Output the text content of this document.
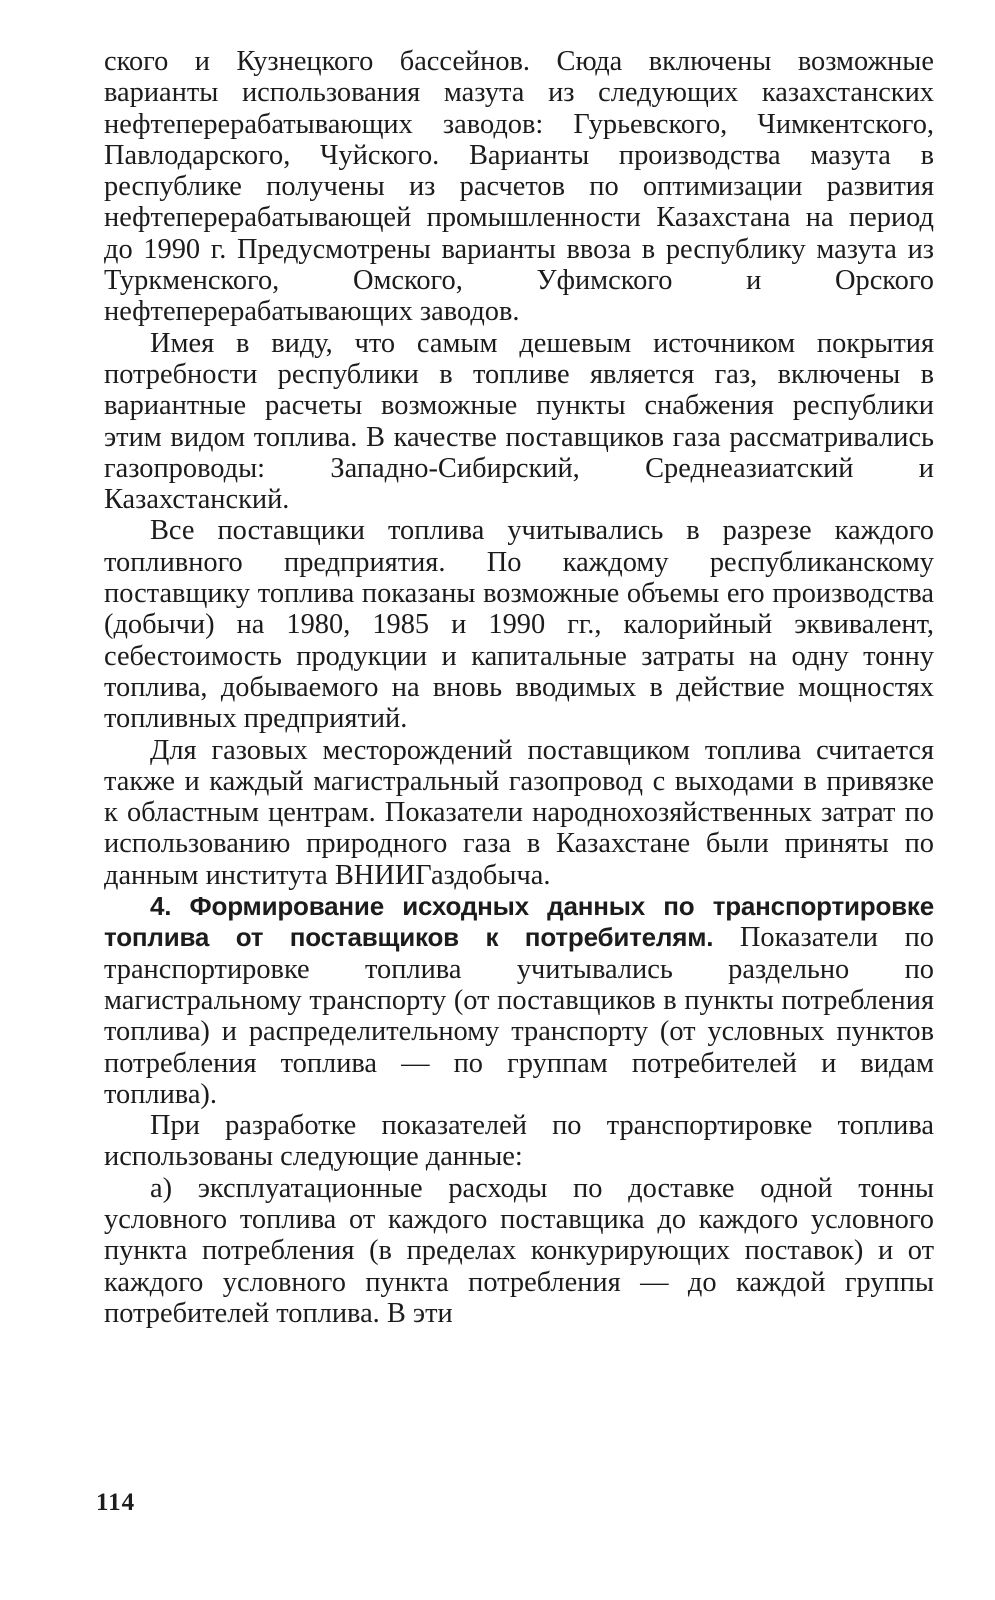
ского и Кузнецкого бассейнов. Сюда включены возможные варианты использования мазута из следующих казахстанских нефтеперерабатывающих заводов: Гурьевского, Чимкентского, Павлодарского, Чуйского. Варианты производства мазута в республике получены из расчетов по оптимизации развития нефтеперерабатывающей промышленности Казахстана на период до 1990 г. Предусмотрены варианты ввоза в республику мазута из Туркменского, Омского, Уфимского и Орского нефтеперерабатывающих заводов.

Имея в виду, что самым дешевым источником покрытия потребности республики в топливе является газ, включены в вариантные расчеты возможные пункты снабжения республики этим видом топлива. В качестве поставщиков газа рассматривались газопроводы: Западно-Сибирский, Среднеазиатский и Казахстанский.

Все поставщики топлива учитывались в разрезе каждого топливного предприятия. По каждому республиканскому поставщику топлива показаны возможные объемы его производства (добычи) на 1980, 1985 и 1990 гг., калорийный эквивалент, себестоимость продукции и капитальные затраты на одну тонну топлива, добываемого на вновь вводимых в действие мощностях топливных предприятий.

Для газовых месторождений поставщиком топлива считается также и каждый магистральный газопровод с выходами в привязке к областным центрам. Показатели народнохозяйственных затрат по использованию природного газа в Казахстане были приняты по данным института ВНИИГаздобыча.

4. Формирование исходных данных по транспортировке топлива от поставщиков к потребителям. Показатели по транспортировке топлива учитывались раздельно по магистральному транспорту (от поставщиков в пункты потребления топлива) и распределительному транспорту (от условных пунктов потребления топлива — по группам потребителей и видам топлива).

При разработке показателей по транспортировке топлива использованы следующие данные:

а) эксплуатационные расходы по доставке одной тонны условного топлива от каждого поставщика до каждого условного пункта потребления (в пределах конкурирующих поставок) и от каждого условного пункта потребления — до каждой группы потребителей топлива. В эти

114
